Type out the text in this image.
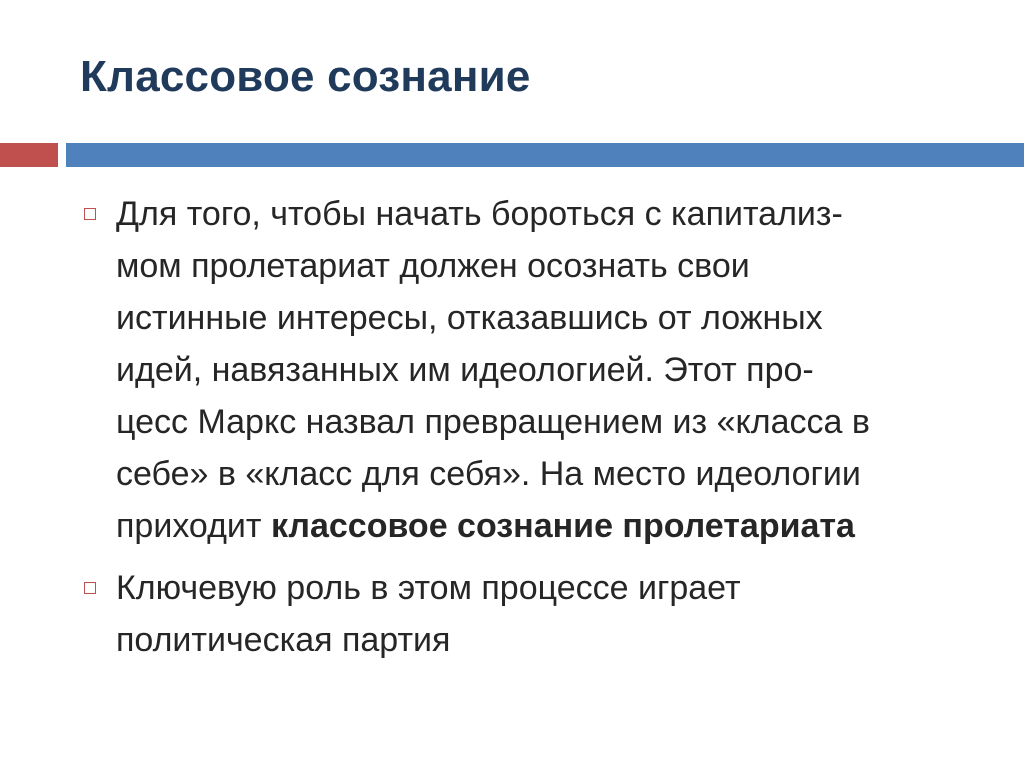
Классовое сознание
Для того, чтобы начать бороться с капитализ-
мом пролетариат должен осознать свои
истинные интересы, отказавшись от ложных
идей, навязанных им идеологией. Этот про-
цесс Маркс назвал превращением из «класса в
себе» в «класс для себя». На место идеологии
приходит классовое сознание пролетариата
Ключевую роль в этом процессе играет
политическая партия
